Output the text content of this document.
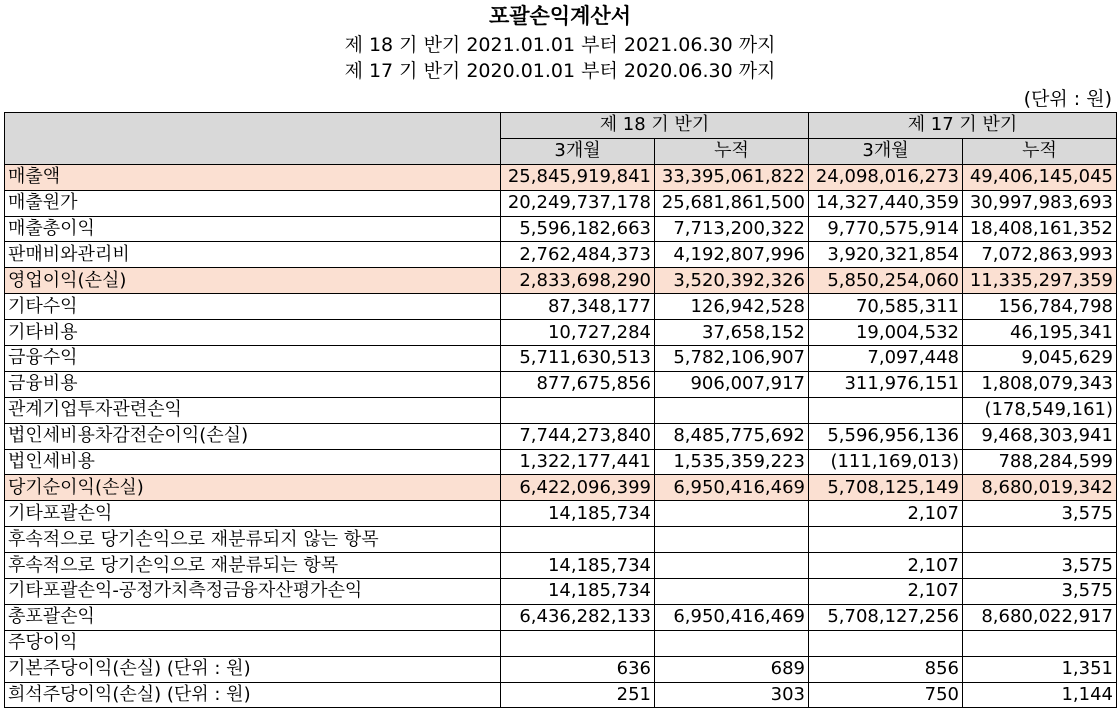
포괄손익계산서
제 18 기 반기 2021.01.01 부터 2021.06.30 까지
제 17 기 반기 2020.01.01 부터 2020.06.30 까지
(단위 : 원)
	제 18 기 반기		제 17 기 반기	
	3개월	누적	3개월	누적
매출액	25,845,919,841	33,395,061,822	24,098,016,273	49,406,145,045
매출원가	20,249,737,178	25,681,861,500	14,327,440,359	30,997,983,693
매출총이익	5,596,182,663	7,713,200,322	9,770,575,914	18,408,161,352
판매비와관리비	2,762,484,373	4,192,807,996	3,920,321,854	7,072,863,993
영업이익(손실)	2,833,698,290	3,520,392,326	5,850,254,060	11,335,297,359
기타수익	87,348,177	126,942,528	70,585,311	156,784,798
기타비용	10,727,284	37,658,152	19,004,532	46,195,341
금융수익	5,711,630,513	5,782,106,907	7,097,448	9,045,629
금융비용	877,675,856	906,007,917	311,976,151	1,808,079,343
관계기업투자관련손익				(178,549,161)
법인세비용차감전순이익(손실)	7,744,273,840	8,485,775,692	5,596,956,136	9,468,303,941
법인세비용	1,322,177,441	1,535,359,223	(111,169,013)	788,284,599
당기순이익(손실)	6,422,096,399	6,950,416,469	5,708,125,149	8,680,019,342
기타포괄손익	14,185,734		2,107	3,575
후속적으로 당기손익으로 재분류되지 않는 항목				
후속적으로 당기손익으로 재분류되는 항목	14,185,734		2,107	3,575
기타포괄손익-공정가치측정금융자산평가손익	14,185,734		2,107	3,575
총포괄손익	6,436,282,133	6,950,416,469	5,708,127,256	8,680,022,917
주당이익				
기본주당이익(손실) (단위 : 원)	636	689	856	1,351
희석주당이익(손실) (단위 : 원)	251	303	750	1,144
